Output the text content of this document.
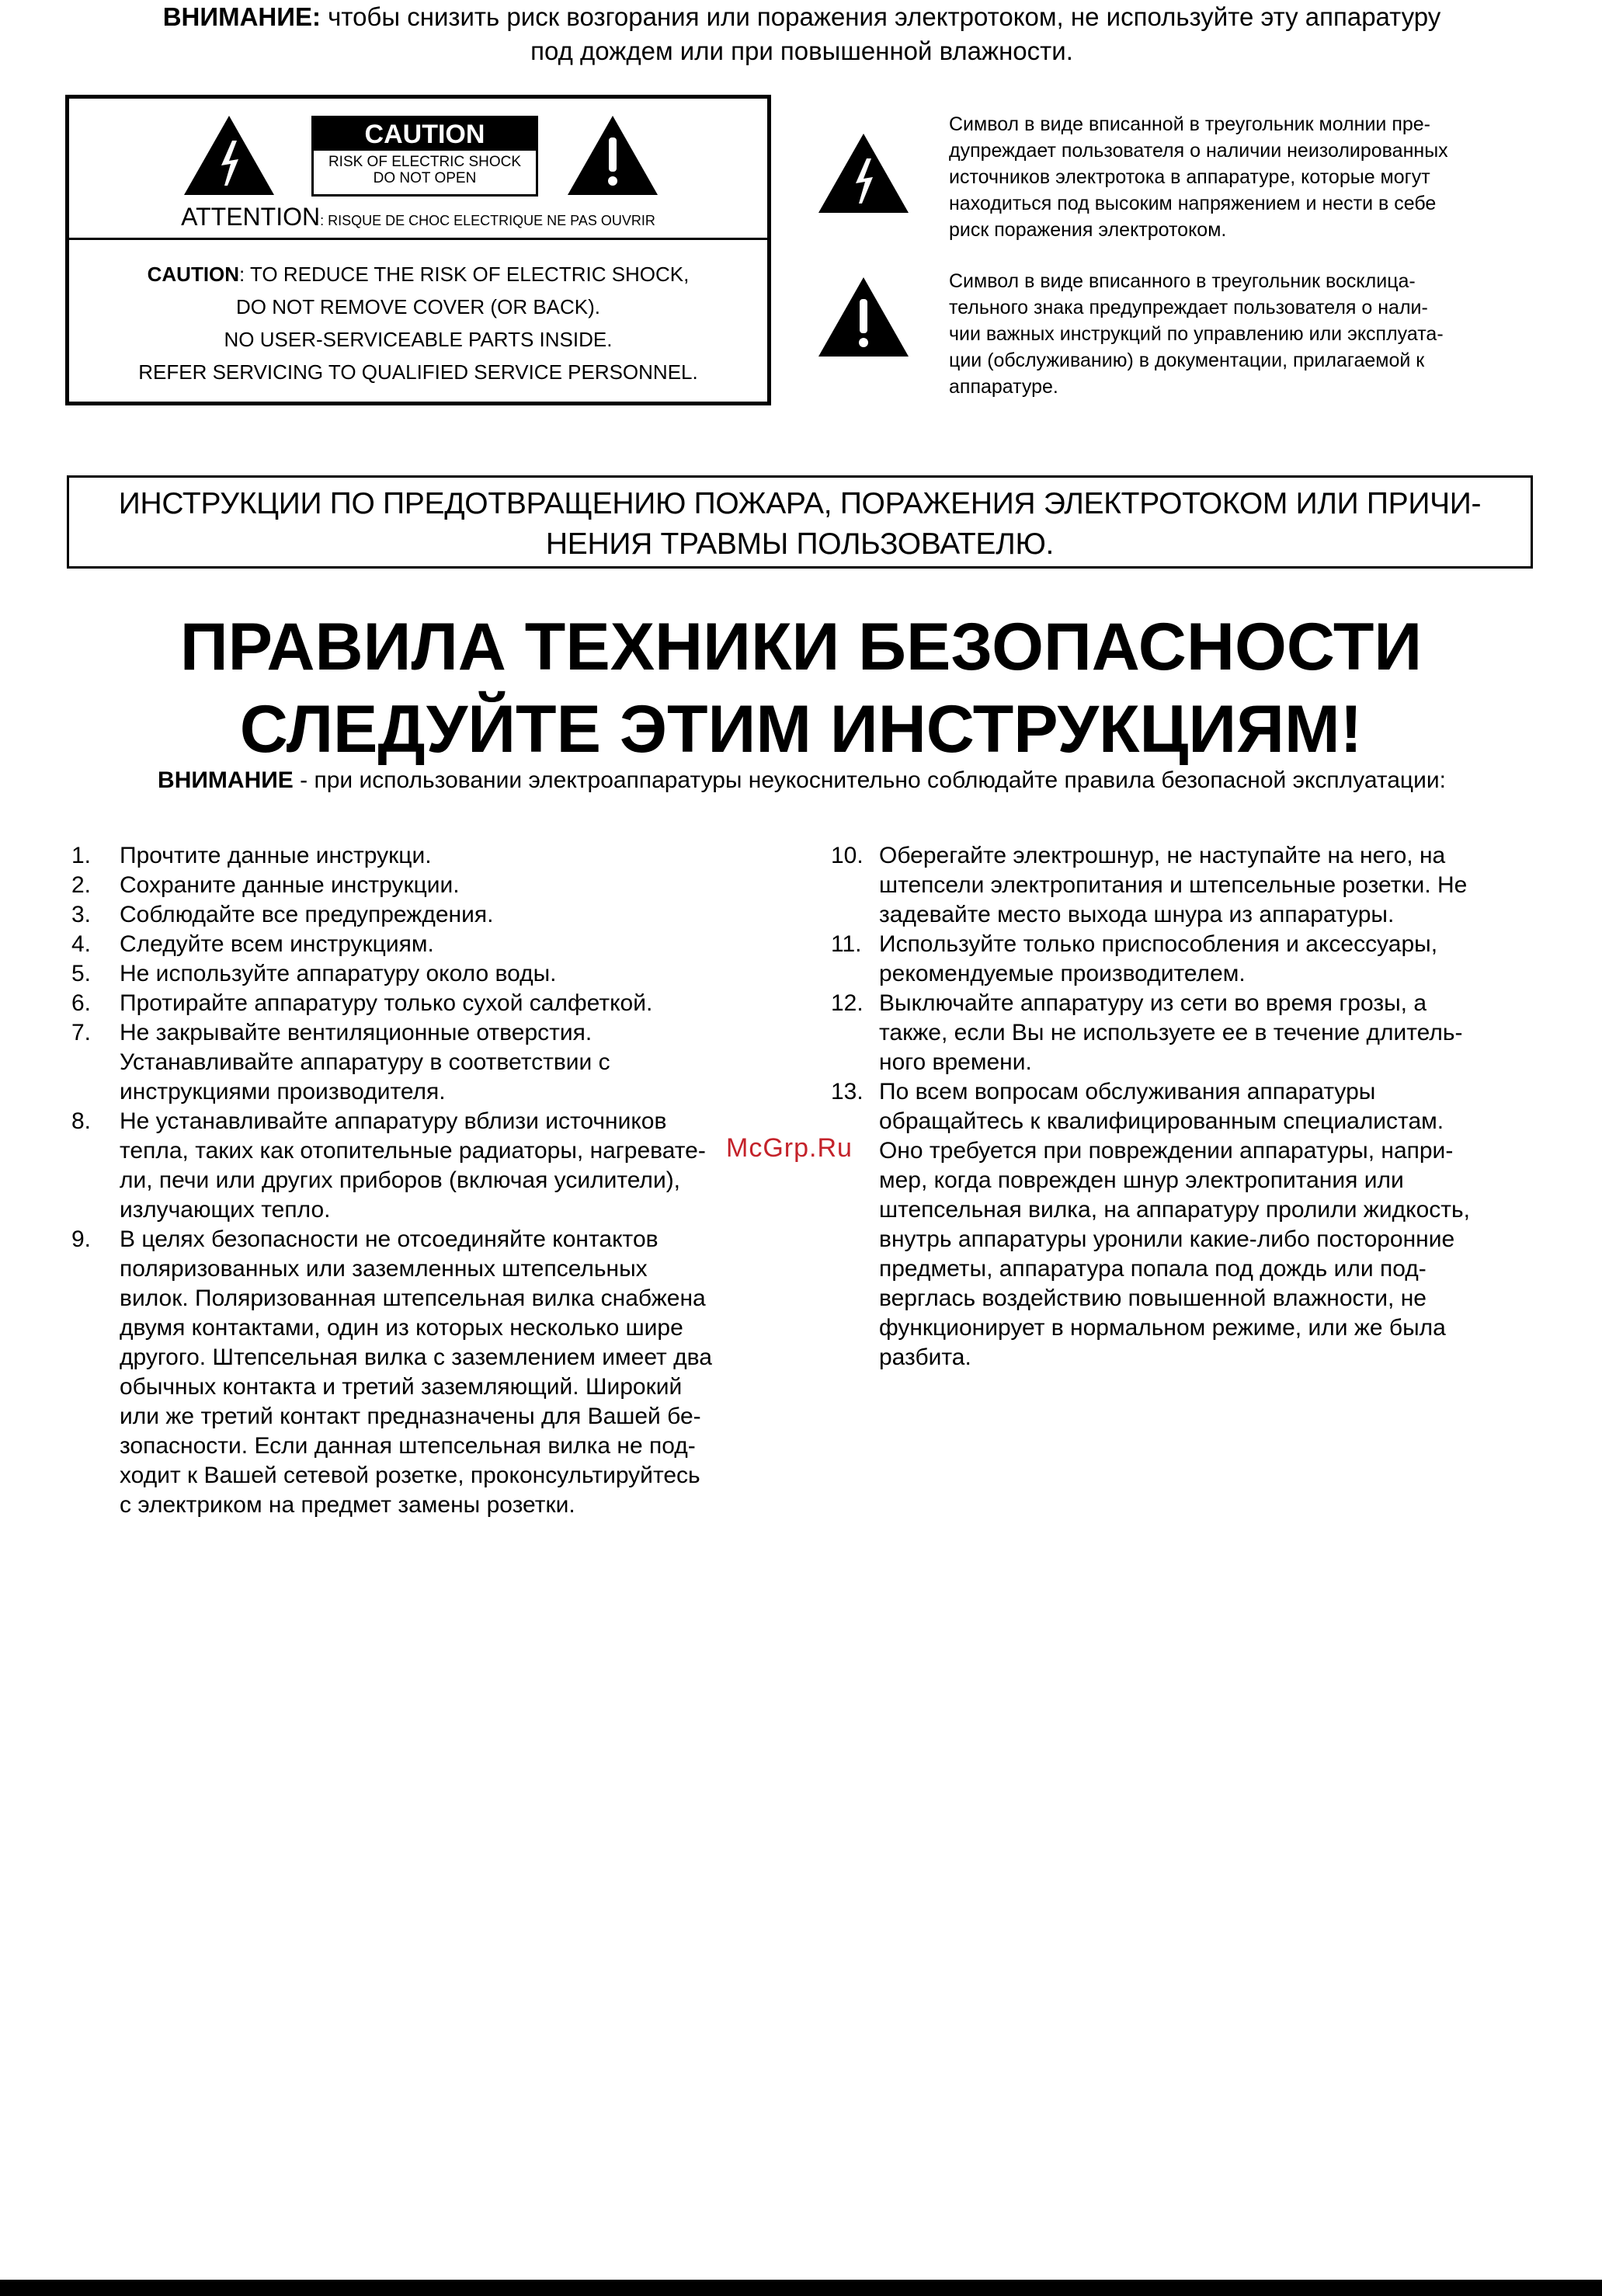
ВНИМАНИЕ: чтобы снизить риск возгорания или поражения электротоком, не используйте эту аппаратуру
под дождем или при повышенной влажности.
CAUTION
RISK OF ELECTRIC SHOCK
DO NOT OPEN
ATTENTION: RISQUE DE CHOC ELECTRIQUE NE PAS OUVRIR
CAUTION: TO REDUCE THE RISK OF ELECTRIC SHOCK,
DO NOT REMOVE COVER (OR BACK).
NO USER-SERVICEABLE PARTS INSIDE.
REFER SERVICING TO QUALIFIED SERVICE PERSONNEL.
Символ в виде вписанной в треугольник молнии пре-
дупреждает пользователя о наличии неизолированных
источников электротока в аппаратуре, которые могут
находиться под высоким напряжением и нести в себе
риск поражения электротоком.
Символ в виде вписанного в треугольник восклица-
тельного знака предупреждает пользователя о нали-
чии важных инструкций по управлению или эксплуата-
ции (обслуживанию) в документации, прилагаемой к
аппаратуре.
ИНСТРУКЦИИ ПО ПРЕДОТВРАЩЕНИЮ ПОЖАРА, ПОРАЖЕНИЯ ЭЛЕКТРОТОКОМ ИЛИ ПРИЧИ-
НЕНИЯ ТРАВМЫ ПОЛЬЗОВАТЕЛЮ.
ПРАВИЛА ТЕХНИКИ БЕЗОПАСНОСТИ
СЛЕДУЙТЕ ЭТИМ ИНСТРУКЦИЯМ!
ВНИМАНИЕ - при использовании электроаппаратуры неукоснительно соблюдайте правила безопасной эксплуатации:
1.	Прочтите данные инструкци.
2.	Сохраните данные инструкции.
3.	Соблюдайте все предупреждения.
4.	Следуйте всем инструкциям.
5.	Не используйте аппаратуру около воды.
6.	Протирайте аппаратуру только сухой салфеткой.
7.	Не закрывайте вентиляционные отверстия.
Устанавливайте аппаратуру в соответствии с
инструкциями производителя.
8.	Не устанавливайте аппаратуру вблизи источников
тепла, таких как отопительные радиаторы, нагревате-
ли, печи или других приборов (включая усилители),
излучающих тепло.
9.	В целях безопасности не отсоединяйте контактов
поляризованных или заземленных штепсельных
вилок. Поляризованная штепсельная вилка снабжена
двумя контактами, один из которых несколько шире
другого. Штепсельная вилка с заземлением имеет два
обычных контакта и третий заземляющий. Широкий
или же третий контакт предназначены для Вашей бе-
зопасности. Если данная штепсельная вилка не под-
ходит к Вашей сетевой розетке, проконсультируйтесь
с электриком на предмет замены розетки.
10. Оберегайте электрошнур, не наступайте на него, на
штепсели электропитания и штепсельные розетки. Не
задевайте место выхода шнура из аппаратуры.
11. Используйте только приспособления и аксессуары,
рекомендуемые производителем.
12. Выключайте аппаратуру из сети во время грозы, а
также, если Вы не используете ее в течение длитель-
ного времени.
13. По всем вопросам обслуживания аппаратуры
обращайтесь к квалифицированным специалистам.
Оно требуется при повреждении аппаратуры, напри-
мер, когда поврежден шнур электропитания или
штепсельная вилка, на аппаратуру пролили жидкость,
внутрь аппаратуры уронили какие-либо посторонние
предметы, аппаратура попала под дождь или под-
верглась воздействию повышенной влажности, не
функционирует в нормальном режиме, или же была
разбита.
McGrp.Ru
